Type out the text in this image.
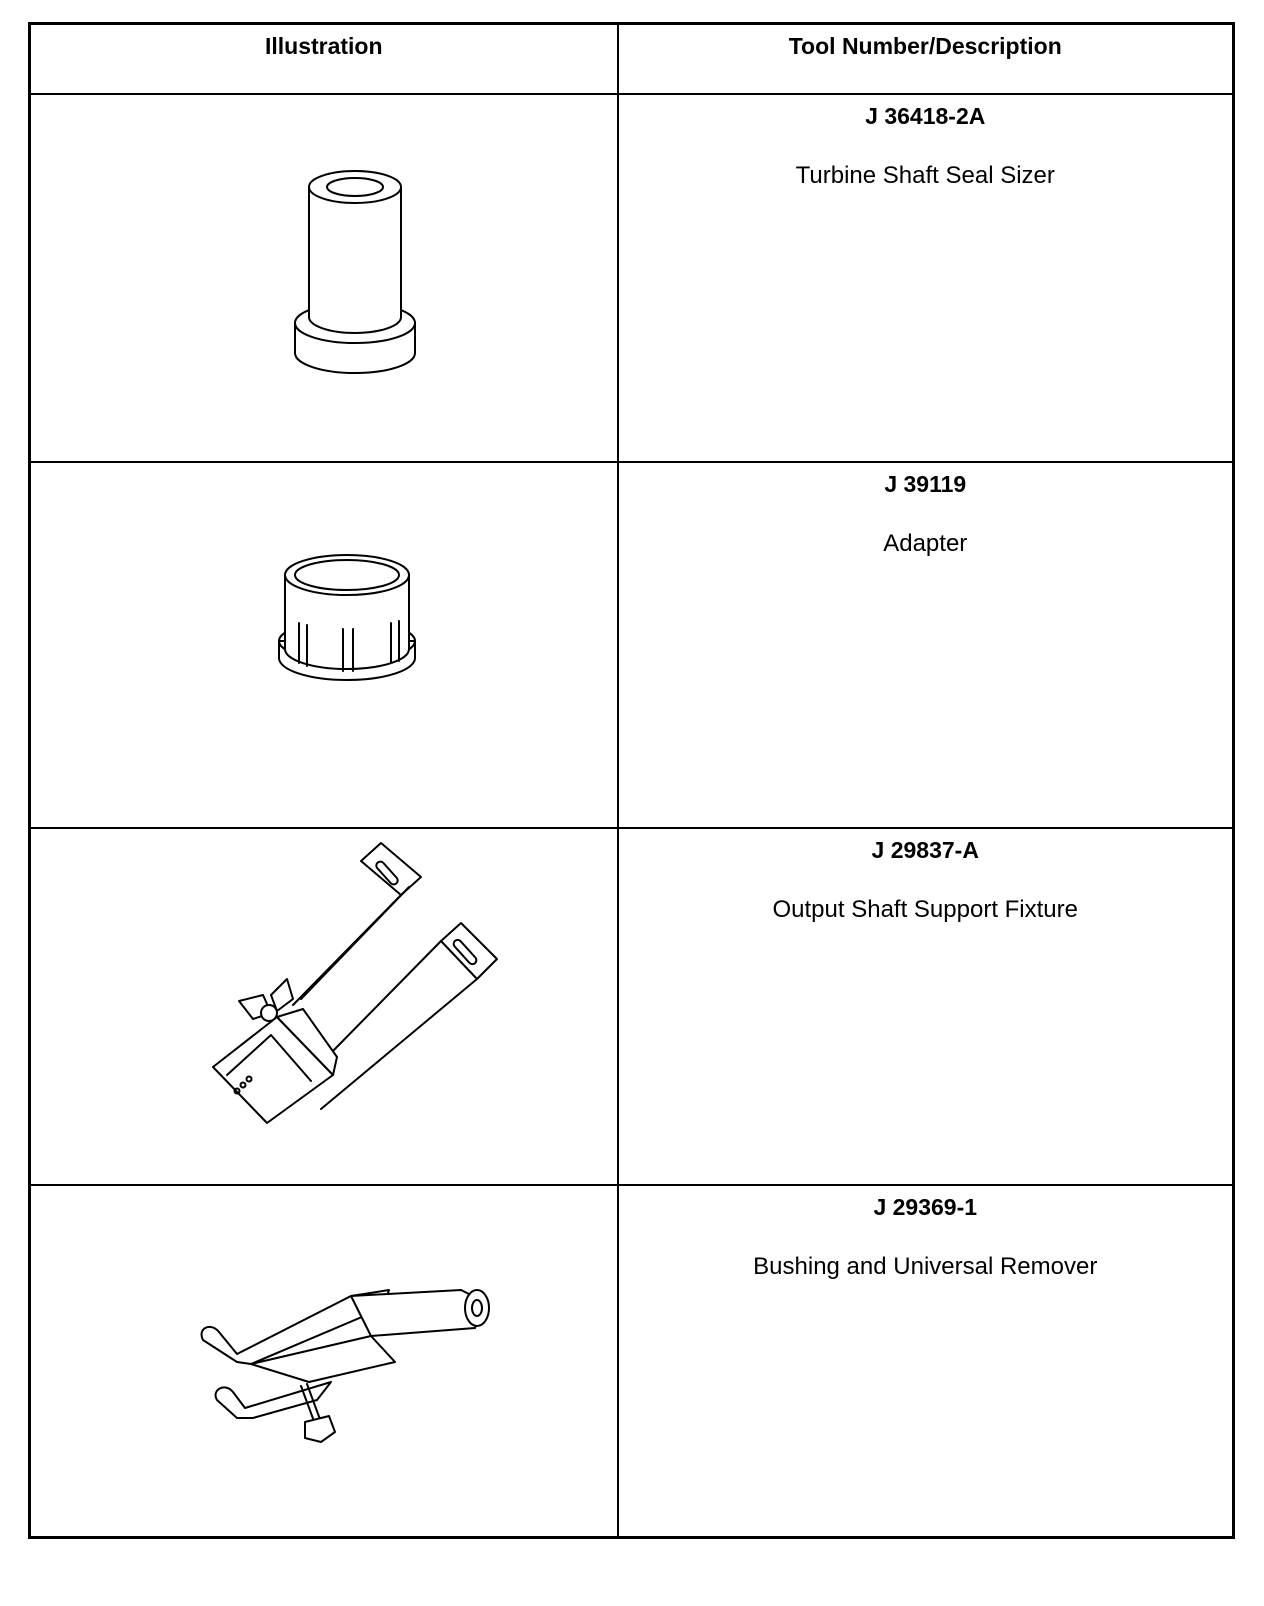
Illustration	Tool Number/Description

J 36418-2A
Turbine Shaft Seal Sizer

J 39119
Adapter

J 29837-A
Output Shaft Support Fixture

J 29369-1
Bushing and Universal Remover
